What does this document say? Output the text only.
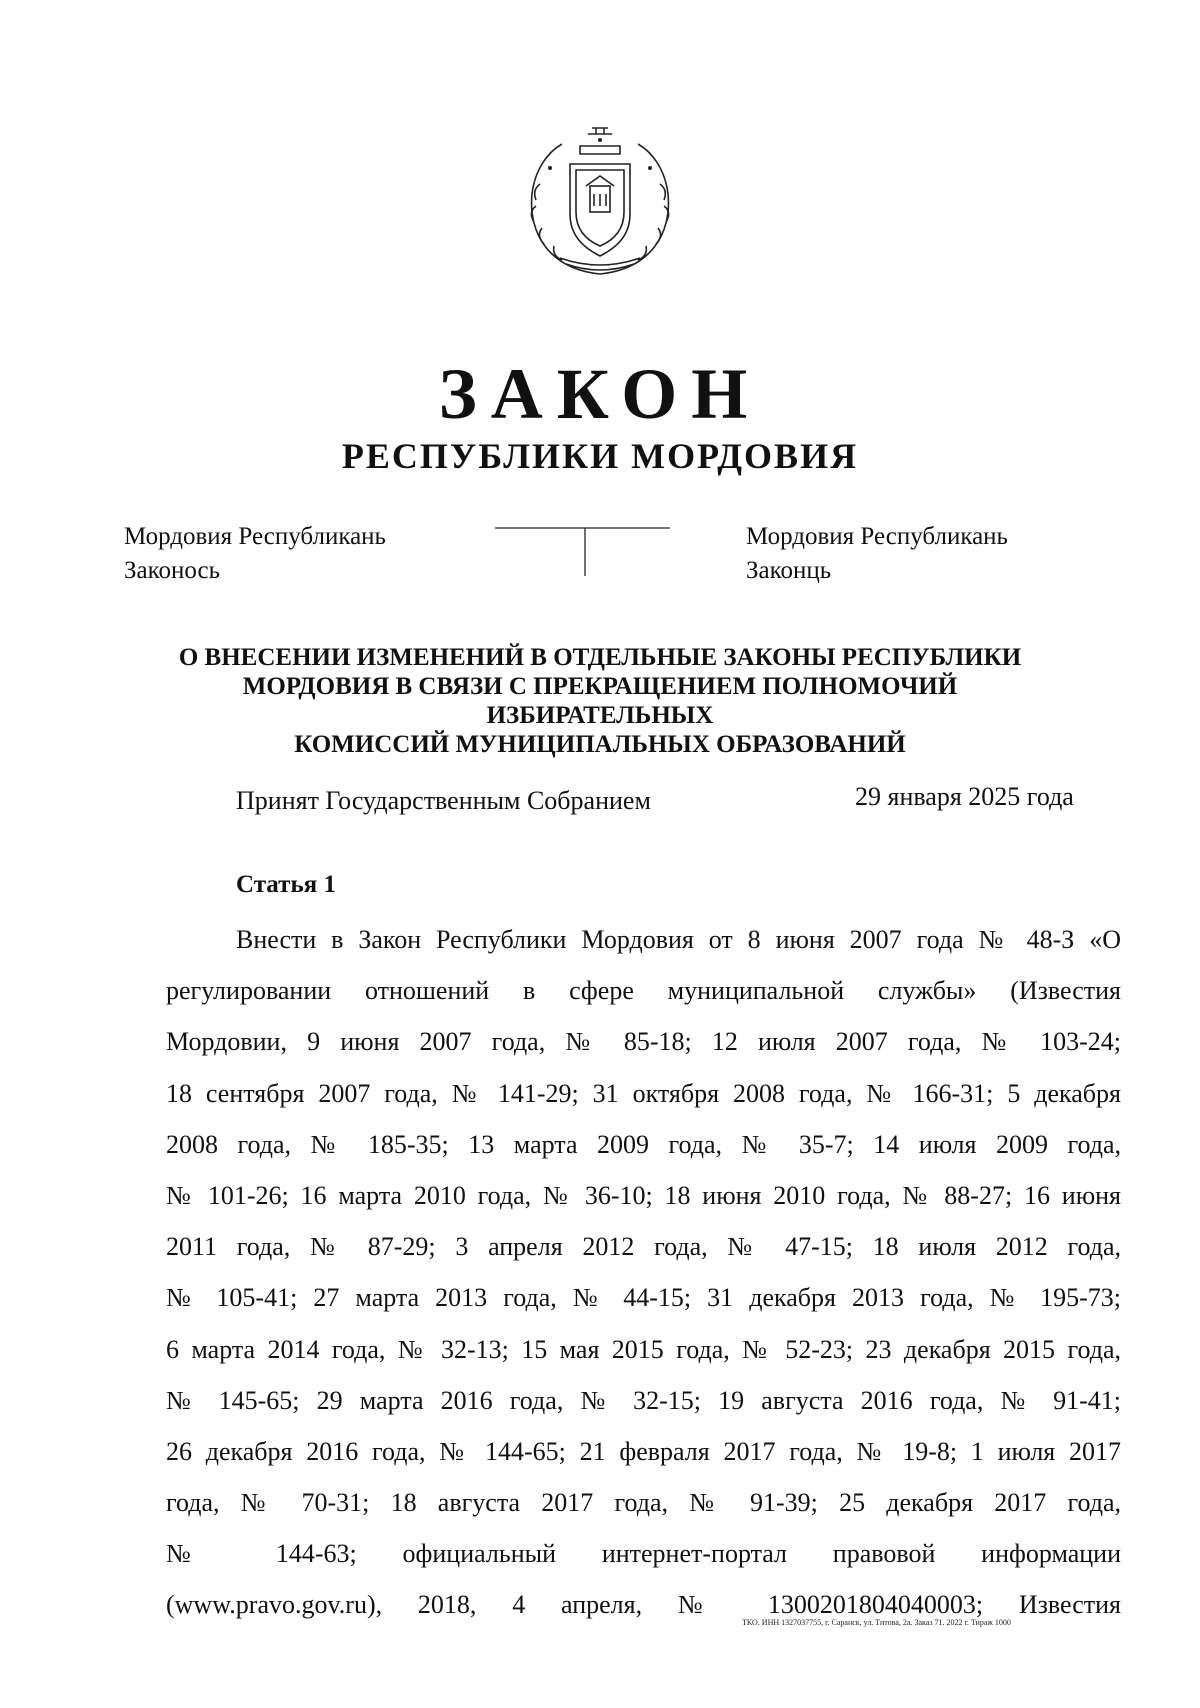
ЗАКОН
РЕСПУБЛИКИ МОРДОВИЯ
Мордовия Республикань
Законось
Мордовия Республикань
Законць
О ВНЕСЕНИИ ИЗМЕНЕНИЙ В ОТДЕЛЬНЫЕ ЗАКОНЫ РЕСПУБЛИКИ
МОРДОВИЯ В СВЯЗИ С ПРЕКРАЩЕНИЕМ ПОЛНОМОЧИЙ ИЗБИРАТЕЛЬНЫХ
КОМИССИЙ МУНИЦИПАЛЬНЫХ ОБРАЗОВАНИЙ
Принят Государственным Собранием	29 января 2025 года
Статья 1
Внести в Закон Республики Мордовия от 8 июня 2007 года № 48-З «О
регулировании отношений в сфере муниципальной службы» (Известия
Мордовии, 9 июня 2007 года, № 85-18; 12 июля 2007 года, № 103-24;
18 сентября 2007 года, № 141-29; 31 октября 2008 года, № 166-31; 5 декабря
2008 года, № 185-35; 13 марта 2009 года, № 35-7; 14 июля 2009 года,
№ 101-26; 16 марта 2010 года, № 36-10; 18 июня 2010 года, № 88-27; 16 июня
2011 года, № 87-29; 3 апреля 2012 года, № 47-15; 18 июля 2012 года,
№ 105-41; 27 марта 2013 года, № 44-15; 31 декабря 2013 года, № 195-73;
6 марта 2014 года, № 32-13; 15 мая 2015 года, № 52-23; 23 декабря 2015 года,
№ 145-65; 29 марта 2016 года, № 32-15; 19 августа 2016 года, № 91-41;
26 декабря 2016 года, № 144-65; 21 февраля 2017 года, № 19-8; 1 июля 2017
года, № 70-31; 18 августа 2017 года, № 91-39; 25 декабря 2017 года,
№ 144-63; официальный интернет-портал правовой информации
(www.pravo.gov.ru), 2018, 4 апреля, № 1300201804040003; Известия
ТКО. ИНН 1327037755, г. Саранск, ул. Титова, 2а. Заказ 71. 2022 г. Тираж 1000
